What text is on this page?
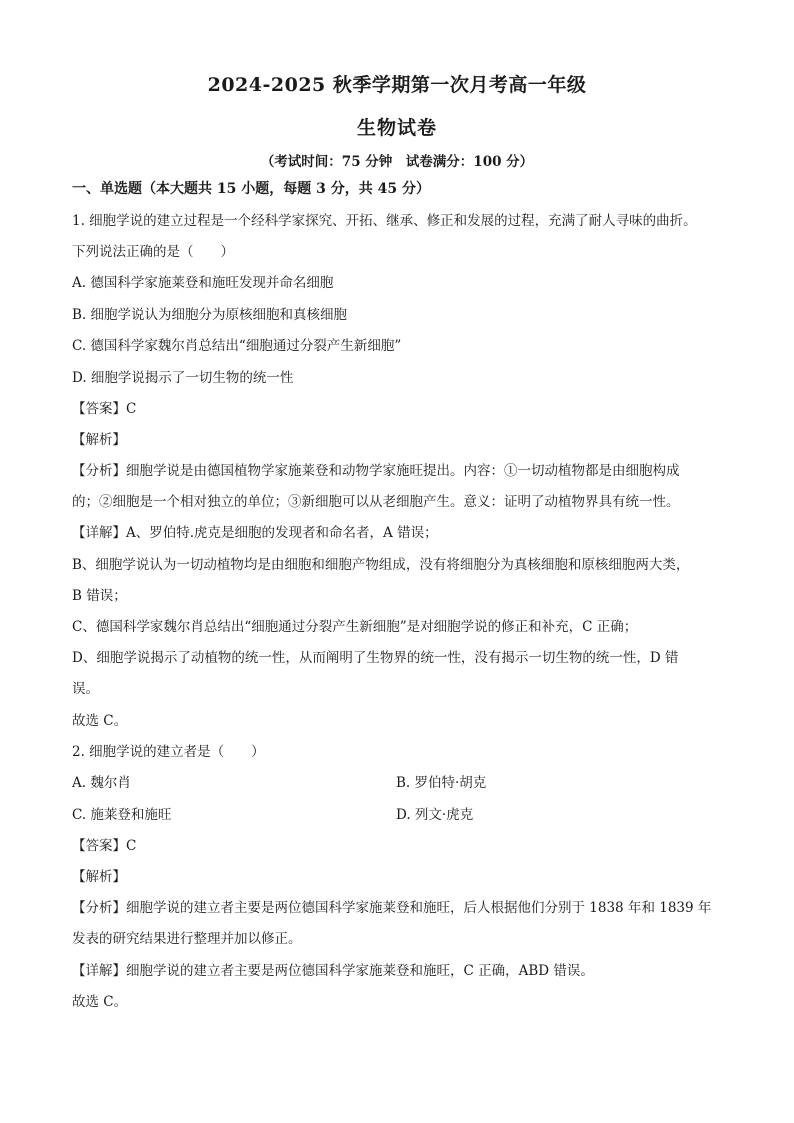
2024-2025 秋季学期第一次月考高一年级
生物试卷
（考试时间：75 分钟　试卷满分：100 分）
一、单选题（本大题共 15 小题，每题 3 分，共 45 分）
1. 细胞学说的建立过程是一个经科学家探究、开拓、继承、修正和发展的过程，充满了耐人寻味的曲折。
下列说法正确的是（　　）
A. 德国科学家施莱登和施旺发现并命名细胞
B. 细胞学说认为细胞分为原核细胞和真核细胞
C. 德国科学家魏尔肖总结出“细胞通过分裂产生新细胞”
D. 细胞学说揭示了一切生物的统一性
【答案】C
【解析】
【分析】细胞学说是由德国植物学家施莱登和动物学家施旺提出。内容：①一切动植物都是由细胞构成
的；②细胞是一个相对独立的单位；③新细胞可以从老细胞产生。意义：证明了动植物界具有统一性。
【详解】A、罗伯特.虎克是细胞的发现者和命名者，A 错误；
B、细胞学说认为一切动植物均是由细胞和细胞产物组成，没有将细胞分为真核细胞和原核细胞两大类，
B 错误；
C、德国科学家魏尔肖总结出“细胞通过分裂产生新细胞”是对细胞学说的修正和补充，C 正确；
D、细胞学说揭示了动植物的统一性，从而阐明了生物界的统一性，没有揭示一切生物的统一性，D 错
误。
故选 C。
2. 细胞学说的建立者是（　　）
A. 魏尔肖	B. 罗伯特·胡克
C. 施莱登和施旺	D. 列文·虎克
【答案】C
【解析】
【分析】细胞学说的建立者主要是两位德国科学家施莱登和施旺，后人根据他们分别于 1838 年和 1839 年
发表的研究结果进行整理并加以修正。
【详解】细胞学说的建立者主要是两位德国科学家施莱登和施旺，C 正确，ABD 错误。
故选 C。
